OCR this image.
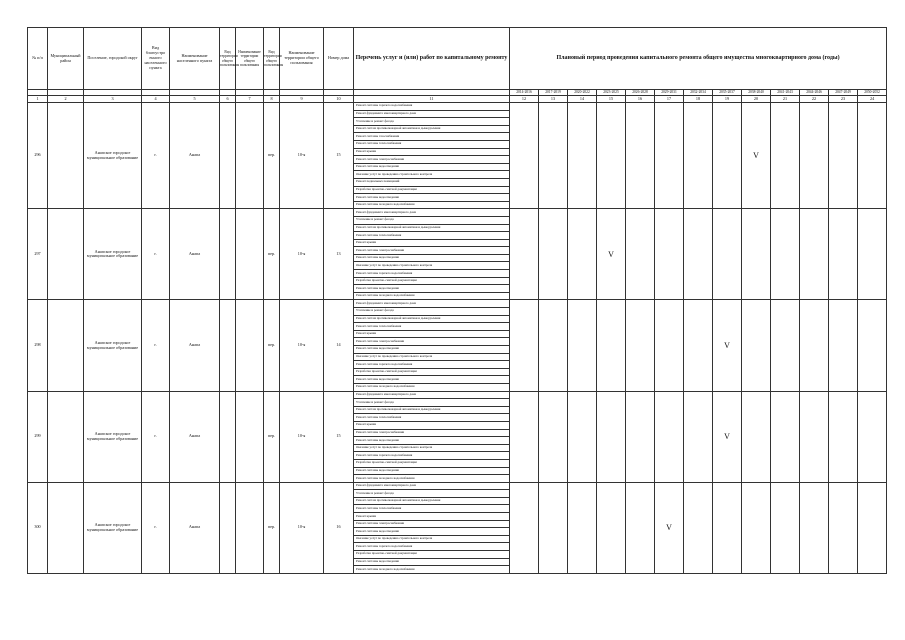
№ п/п	Муниципальный район	Поселение, городской округ	Вид благоустро енного населенного пункта	Наименование населенного пункта	Вид территории общего пользования	Наименование территории общего пользования	Вид территории общего пользования	Наименование территории общего пользования	Номер дома	Перечень услуг и (или) работ по капитальному ремонту	Плановый период проведения капитального ремонта общего имущества многоквартирного дома (годы)												
											2014-2016	2017-2019	2020-2022	2023-2025	2026-2028	2029-2031	2032-2034	2035-2037	2038-2040	2041-2043	2044-2046	2047-2049	2050-2052
1	2	3	4	5	6	7	8	9	10	11	12	13	14	15	16	17	18	19	20	21	22	23	24
296		Анапское городское муниципальное образование	г.	Анапа			пер.	10-я	15	Ремонт системы горячего водоснабжения									V				
										Ремонт фундамента многоквартирного дома													
										Утепление и ремонт фасада													
										Ремонт систем противопожарной автоматики и дымоудаления													
										Ремонт системы газоснабжения													
										Ремонт системы теплоснабжения													
										Ремонт крыши													
										Ремонт системы электроснабжения													
										Ремонт системы водоотведения													
										Оказание услуг по проведению строительного контроля													
										Ремонт подвальных помещений													
										Разработка проектно-сметной документации													
										Ремонт системы водоотведения													
										Ремонт системы холодного водоснабжения													
297		Анапское городское муниципальное образование	г.	Анапа			пер.	10-я	13	Ремонт фундамента многоквартирного дома				V									
										Утепление и ремонт фасада													
										Ремонт систем противопожарной автоматики и дымоудаления													
										Ремонт системы теплоснабжения													
										Ремонт крыши													
										Ремонт системы электроснабжения													
										Ремонт системы водоотведения													
										Оказание услуг по проведению строительного контроля													
										Ремонт системы горячего водоснабжения													
										Разработка проектно-сметной документации													
										Ремонт системы водоотведения													
										Ремонт системы холодного водоснабжения													
298		Анапское городское муниципальное образование	г.	Анапа			пер.	10-я	14	Ремонт фундамента многоквартирного дома								V					
										Утепление и ремонт фасада													
										Ремонт систем противопожарной автоматики и дымоудаления													
										Ремонт системы теплоснабжения													
										Ремонт крыши													
										Ремонт системы электроснабжения													
										Ремонт системы водоотведения													
										Оказание услуг по проведению строительного контроля													
										Ремонт системы горячего водоснабжения													
										Разработка проектно-сметной документации													
										Ремонт системы водоотведения													
										Ремонт системы холодного водоснабжения													
299		Анапское городское муниципальное образование	г.	Анапа			пер.	10-я	15	Ремонт фундамента многоквартирного дома								V					
										Утепление и ремонт фасада													
										Ремонт систем противопожарной автоматики и дымоудаления													
										Ремонт системы теплоснабжения													
										Ремонт крыши													
										Ремонт системы электроснабжения													
										Ремонт системы водоотведения													
										Оказание услуг по проведению строительного контроля													
										Ремонт системы горячего водоснабжения													
										Разработка проектно-сметной документации													
										Ремонт системы водоотведения													
										Ремонт системы холодного водоснабжения													
300		Анапское городское муниципальное образование	г.	Анапа			пер.	10-я	16	Ремонт фундамента многоквартирного дома						V							
										Утепление и ремонт фасада													
										Ремонт систем противопожарной автоматики и дымоудаления													
										Ремонт системы теплоснабжения													
										Ремонт крыши													
										Ремонт системы электроснабжения													
										Ремонт системы водоотведения													
										Оказание услуг по проведению строительного контроля													
										Ремонт системы горячего водоснабжения													
										Разработка проектно-сметной документации													
										Ремонт системы водоотведения													
										Ремонт системы холодного водоснабжения													
